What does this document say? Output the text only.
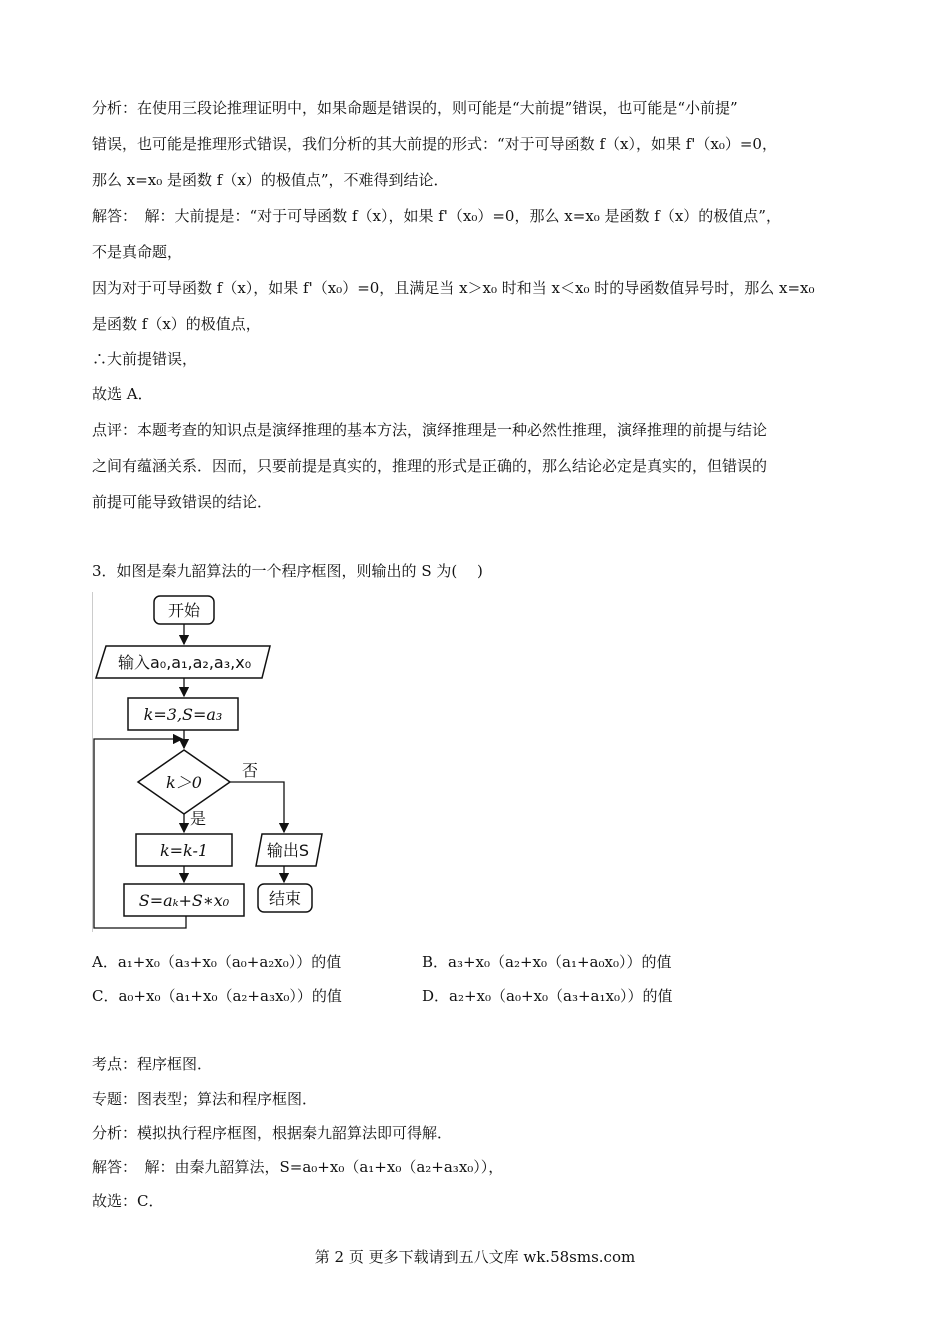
分析：在使用三段论推理证明中，如果命题是错误的，则可能是“大前提”错误，也可能是“小前提”
错误，也可能是推理形式错误，我们分析的其大前提的形式：“对于可导函数 f（x），如果 f'（x₀）=0，
那么 x=x₀ 是函数 f（x）的极值点”，不难得到结论．
解答：　解：大前提是：“对于可导函数 f（x），如果 f'（x₀）=0，那么 x=x₀ 是函数 f（x）的极值点”，
不是真命题，
因为对于可导函数 f（x），如果 f'（x₀）=0，且满足当 x＞x₀ 时和当 x＜x₀ 时的导函数值异号时，那么 x=x₀
是函数 f（x）的极值点，
∴大前提错误，
故选 A．
点评：本题考查的知识点是演绎推理的基本方法，演绎推理是一种必然性推理，演绎推理的前提与结论
之间有蕴涵关系．因而，只要前提是真实的，推理的形式是正确的，那么结论必定是真实的，但错误的
前提可能导致错误的结论．
3．如图是秦九韶算法的一个程序框图，则输出的 S 为(　 )
开始
输入a₀,a₁,a₂,a₃,x₀
k=3,S=a₃
k＞0
否
是
k=k-1
S=aₖ+S∗x₀
输出S
结束
A．a₁+x₀（a₃+x₀（a₀+a₂x₀））的值	B．a₃+x₀（a₂+x₀（a₁+a₀x₀））的值
C．a₀+x₀（a₁+x₀（a₂+a₃x₀））的值	D．a₂+x₀（a₀+x₀（a₃+a₁x₀））的值
考点：程序框图．
专题：图表型；算法和程序框图．
分析：模拟执行程序框图，根据秦九韶算法即可得解．
解答：　解：由秦九韶算法，S=a₀+x₀（a₁+x₀（a₂+a₃x₀）），
故选：C．
第 2 页 更多下载请到五八文库 wk.58sms.com
